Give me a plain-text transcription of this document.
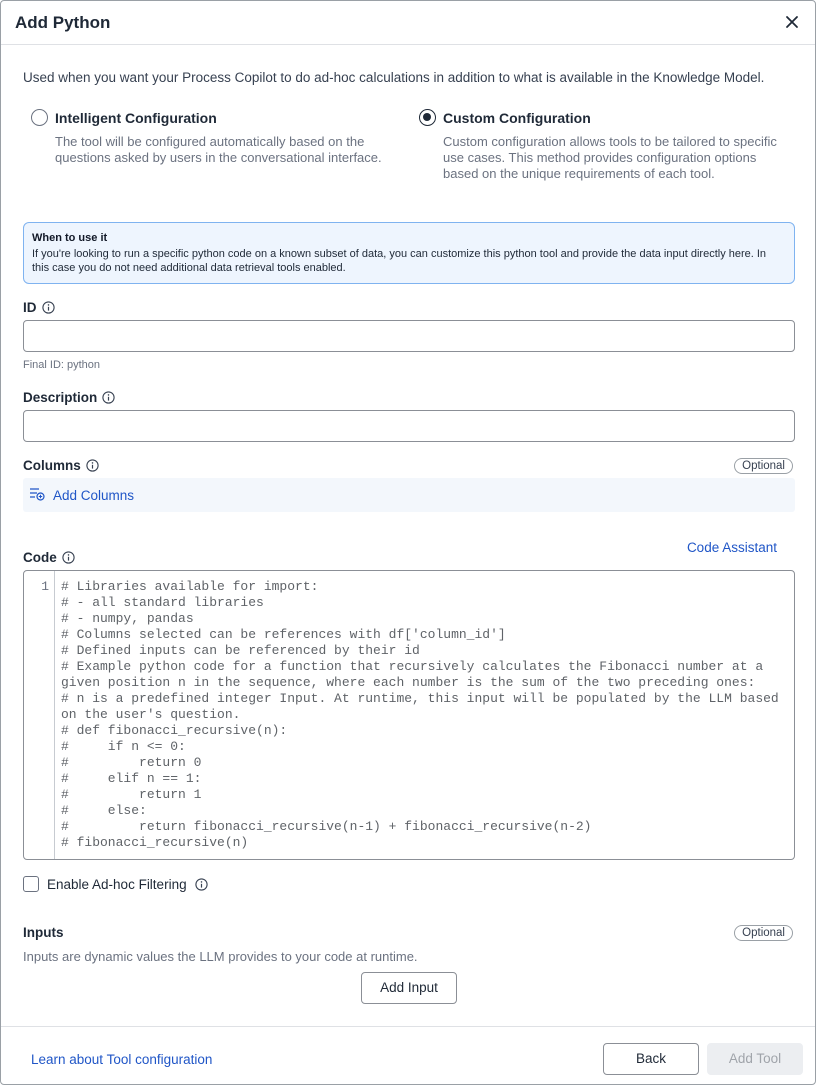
Add Python
Used when you want your Process Copilot to do ad-hoc calculations in addition to what is available in the Knowledge Model.
Intelligent Configuration
The tool will be configured automatically based on the questions asked by users in the conversational interface.
Custom Configuration
Custom configuration allows tools to be tailored to specific use cases. This method provides configuration options based on the unique requirements of each tool.
When to use it
If you're looking to run a specific python code on a known subset of data, you can customize this python tool and provide the data input directly here. In this case you do not need additional data retrieval tools enabled.
ID
Final ID: python
Description
Columns	Optional
Add Columns
Code
Code Assistant
1 # Libraries available for import:
# - all standard libraries
# - numpy, pandas
# Columns selected can be references with df['column_id']
# Defined inputs can be referenced by their id
# Example python code for a function that recursively calculates the Fibonacci number at a given position n in the sequence, where each number is the sum of the two preceding ones:
# n is a predefined integer Input. At runtime, this input will be populated by the LLM based on the user's question.
# def fibonacci_recursive(n):
#     if n <= 0:
#         return 0
#     elif n == 1:
#         return 1
#     else:
#         return fibonacci_recursive(n-1) + fibonacci_recursive(n-2)
# fibonacci_recursive(n)
Enable Ad-hoc Filtering
Inputs	Optional
Inputs are dynamic values the LLM provides to your code at runtime.
Add Input
Learn about Tool configuration	Back	Add Tool
